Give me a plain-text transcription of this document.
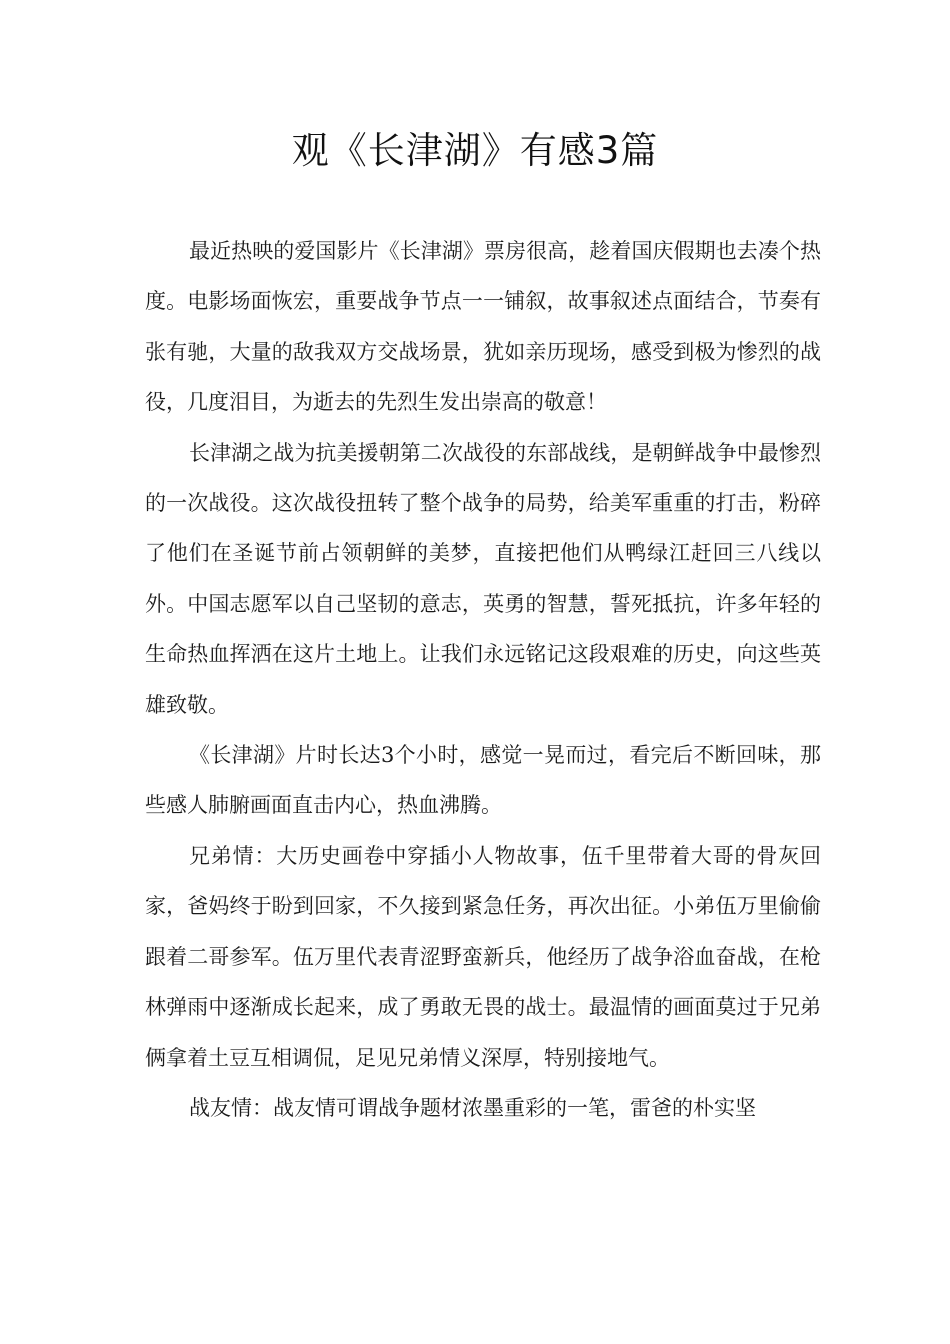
观《长津湖》有感3篇

最近热映的爱国影片《长津湖》票房很高，趁着国庆假期也去凑个热度。电影场面恢宏，重要战争节点一一铺叙，故事叙述点面结合，节奏有张有驰，大量的敌我双方交战场景，犹如亲历现场，感受到极为惨烈的战役，几度泪目，为逝去的先烈生发出崇高的敬意！

长津湖之战为抗美援朝第二次战役的东部战线，是朝鲜战争中最惨烈的一次战役。这次战役扭转了整个战争的局势，给美军重重的打击，粉碎了他们在圣诞节前占领朝鲜的美梦，直接把他们从鸭绿江赶回三八线以外。中国志愿军以自己坚韧的意志，英勇的智慧，誓死抵抗，许多年轻的生命热血挥洒在这片土地上。让我们永远铭记这段艰难的历史，向这些英雄致敬。

《长津湖》片时长达3个小时，感觉一晃而过，看完后不断回味，那些感人肺腑画面直击内心，热血沸腾。

兄弟情：大历史画卷中穿插小人物故事，伍千里带着大哥的骨灰回家，爸妈终于盼到回家，不久接到紧急任务，再次出征。小弟伍万里偷偷跟着二哥参军。伍万里代表青涩野蛮新兵，他经历了战争浴血奋战，在枪林弹雨中逐渐成长起来，成了勇敢无畏的战士。最温情的画面莫过于兄弟俩拿着土豆互相调侃，足见兄弟情义深厚，特别接地气。

战友情：战友情可谓战争题材浓墨重彩的一笔，雷爸的朴实坚
